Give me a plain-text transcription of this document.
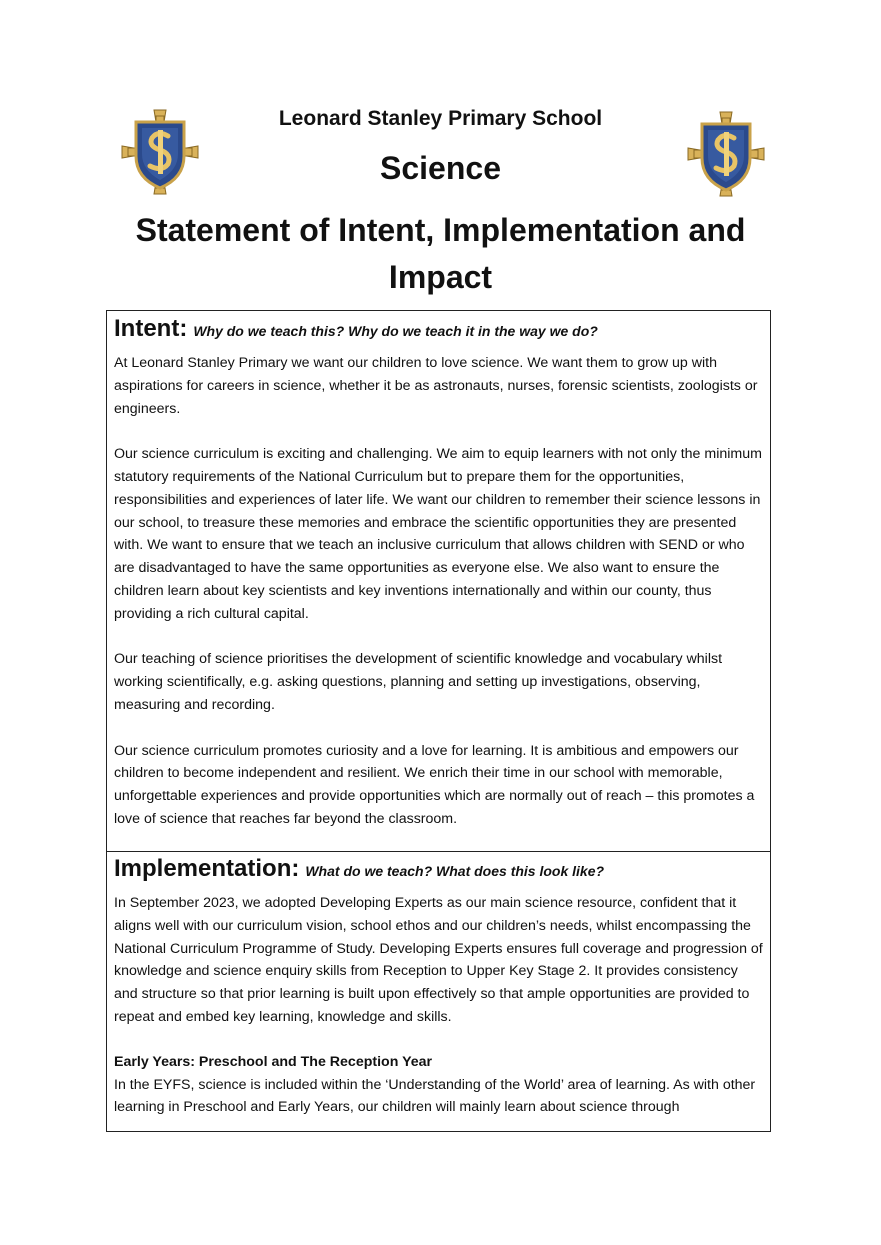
Leonard Stanley Primary School
Science
Statement of Intent, Implementation and
Impact
Intent: Why do we teach this? Why do we teach it in the way we do?

At Leonard Stanley Primary we want our children to love science. We want them to grow up with aspirations for careers in science, whether it be as astronauts, nurses, forensic scientists, zoologists or engineers.

Our science curriculum is exciting and challenging. We aim to equip learners with not only the minimum statutory requirements of the National Curriculum but to prepare them for the opportunities, responsibilities and experiences of later life. We want our children to remember their science lessons in our school, to treasure these memories and embrace the scientific opportunities they are presented with. We want to ensure that we teach an inclusive curriculum that allows children with SEND or who are disadvantaged to have the same opportunities as everyone else. We also want to ensure the children learn about key scientists and key inventions internationally and within our county, thus providing a rich cultural capital.

Our teaching of science prioritises the development of scientific knowledge and vocabulary whilst working scientifically, e.g. asking questions, planning and setting up investigations, observing, measuring and recording.

Our science curriculum promotes curiosity and a love for learning. It is ambitious and empowers our children to become independent and resilient. We enrich their time in our school with memorable, unforgettable experiences and provide opportunities which are normally out of reach – this promotes a love of science that reaches far beyond the classroom.

Implementation: What do we teach? What does this look like?

In September 2023, we adopted Developing Experts as our main science resource, confident that it aligns well with our curriculum vision, school ethos and our children’s needs, whilst encompassing the National Curriculum Programme of Study. Developing Experts ensures full coverage and progression of knowledge and science enquiry skills from Reception to Upper Key Stage 2. It provides consistency and structure so that prior learning is built upon effectively so that ample opportunities are provided to repeat and embed key learning, knowledge and skills.

Early Years: Preschool and The Reception Year
In the EYFS, science is included within the ‘Understanding of the World’ area of learning. As with other learning in Preschool and Early Years, our children will mainly learn about science through
